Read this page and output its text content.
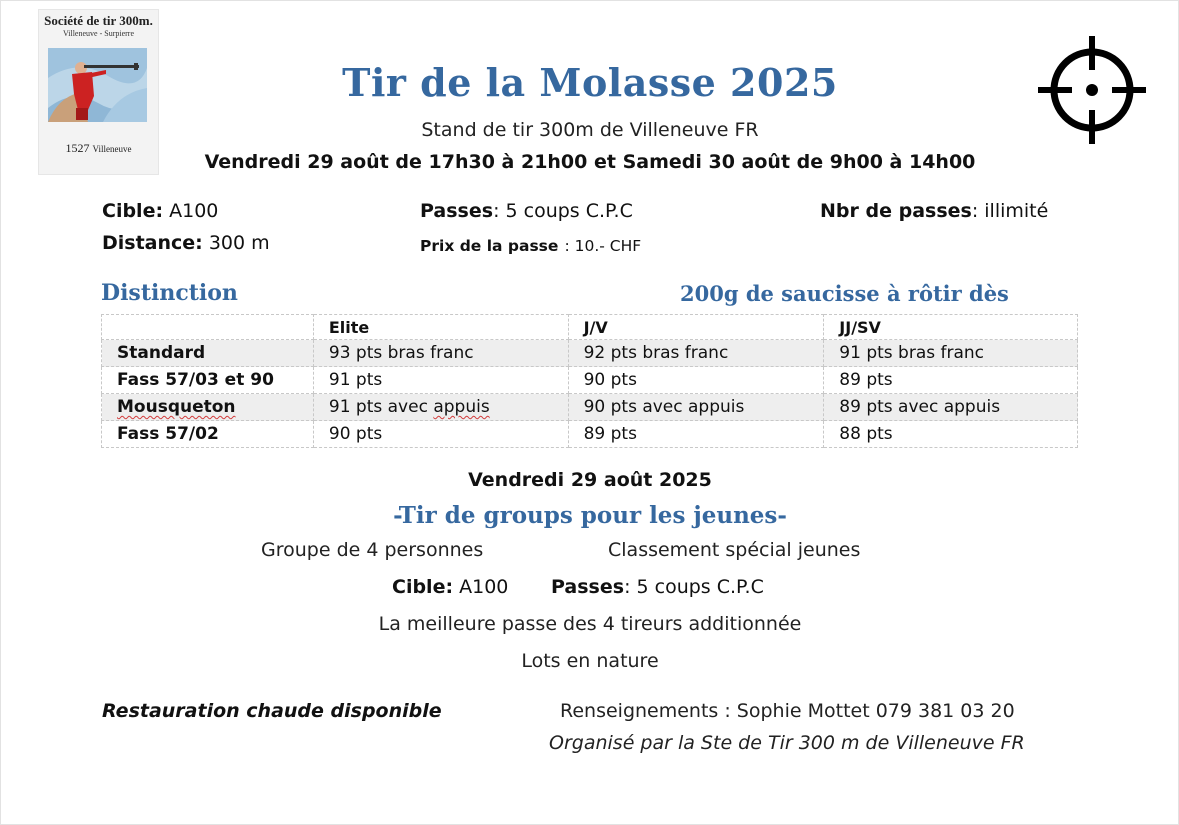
Société de tir 300m.
Villeneuve - Surpierre
1527 Villeneuve
Tir de la Molasse 2025
Stand de tir 300m de Villeneuve FR
Vendredi 29 août de 17h30 à 21h00 et Samedi 30 août de 9h00 à 14h00
Cible: A100
Distance: 300 m
Passes: 5 coups C.P.C
Prix de la passe : 10.- CHF
Nbr de passes: illimité
Distinction	200g de saucisse à rôtir dès
	Elite	J/V	JJ/SV
Standard	93 pts bras franc	92 pts bras franc	91 pts bras franc
Fass 57/03 et 90	91 pts	90 pts	89 pts
Mousqueton	91 pts avec appuis	90 pts avec appuis	89 pts avec appuis
Fass 57/02	90 pts	89 pts	88 pts
Vendredi 29 août 2025
-Tir de groups pour les jeunes-
Groupe de 4 personnes	Classement spécial jeunes
Cible: A100 Passes: 5 coups C.P.C
La meilleure passe des 4 tireurs additionnée
Lots en nature
Restauration chaude disponible	Renseignements : Sophie Mottet 079 381 03 20
Organisé par la Ste de Tir 300 m de Villeneuve FR
